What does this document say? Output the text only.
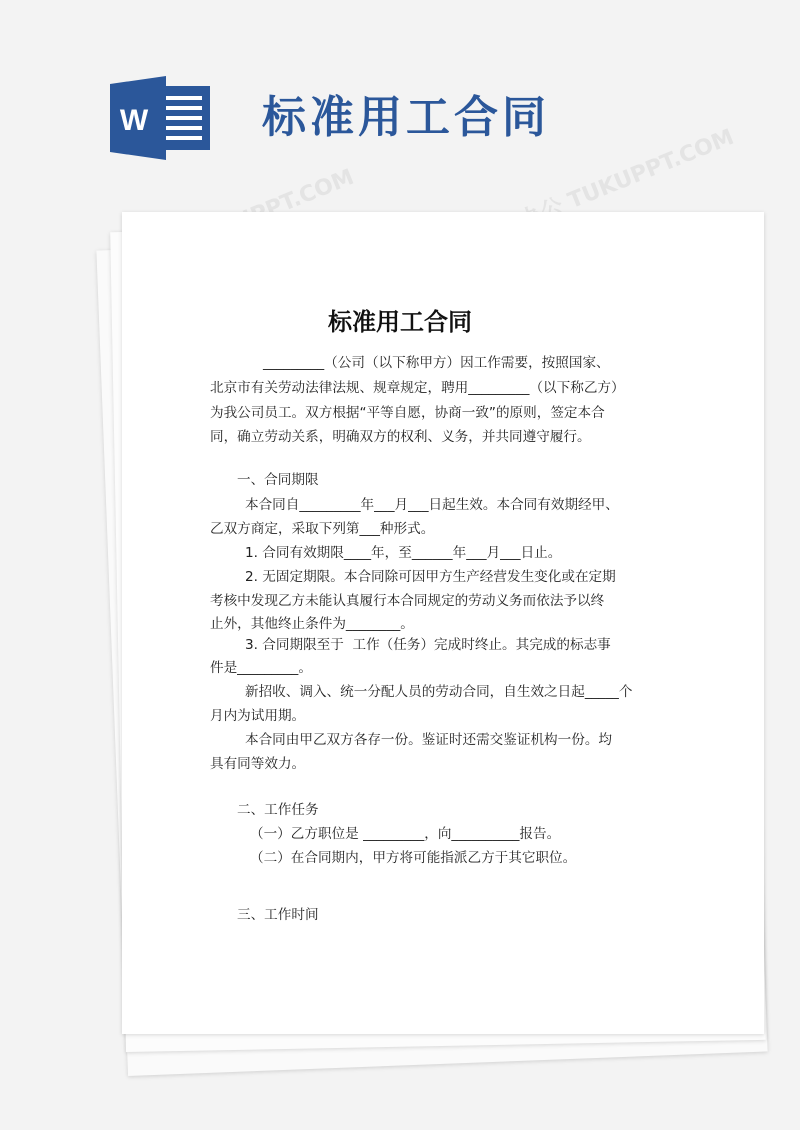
TUKUPPT.COM	熊猫办公 TUKUPPT.COM
W	标准用工合同
标准用工合同
_________（公司（以下称甲方）因工作需要，按照国家、
北京市有关劳动法律法规、规章规定，聘用_________（以下称乙方）
为我公司员工。双方根据“平等自愿，协商一致”的原则，签定本合
同，确立劳动关系，明确双方的权利、义务，并共同遵守履行。
一、合同期限
本合同自_________年___月___日起生效。本合同有效期经甲、
乙双方商定，采取下列第___种形式。
1. 合同有效期限____年，至______年___月___日止。
2. 无固定期限。本合同除可因甲方生产经营发生变化或在定期
考核中发现乙方未能认真履行本合同规定的劳动义务而依法予以终
止外，其他终止条件为________。
3. 合同期限至于  工作（任务）完成时终止。其完成的标志事
件是_________。
新招收、调入、统一分配人员的劳动合同，自生效之日起_____个
月内为试用期。
本合同由甲乙双方各存一份。鉴证时还需交鉴证机构一份。均
具有同等效力。
二、工作任务
（一）乙方职位是 _________，向__________报告。
（二）在合同期内，甲方将可能指派乙方于其它职位。
三、工作时间
